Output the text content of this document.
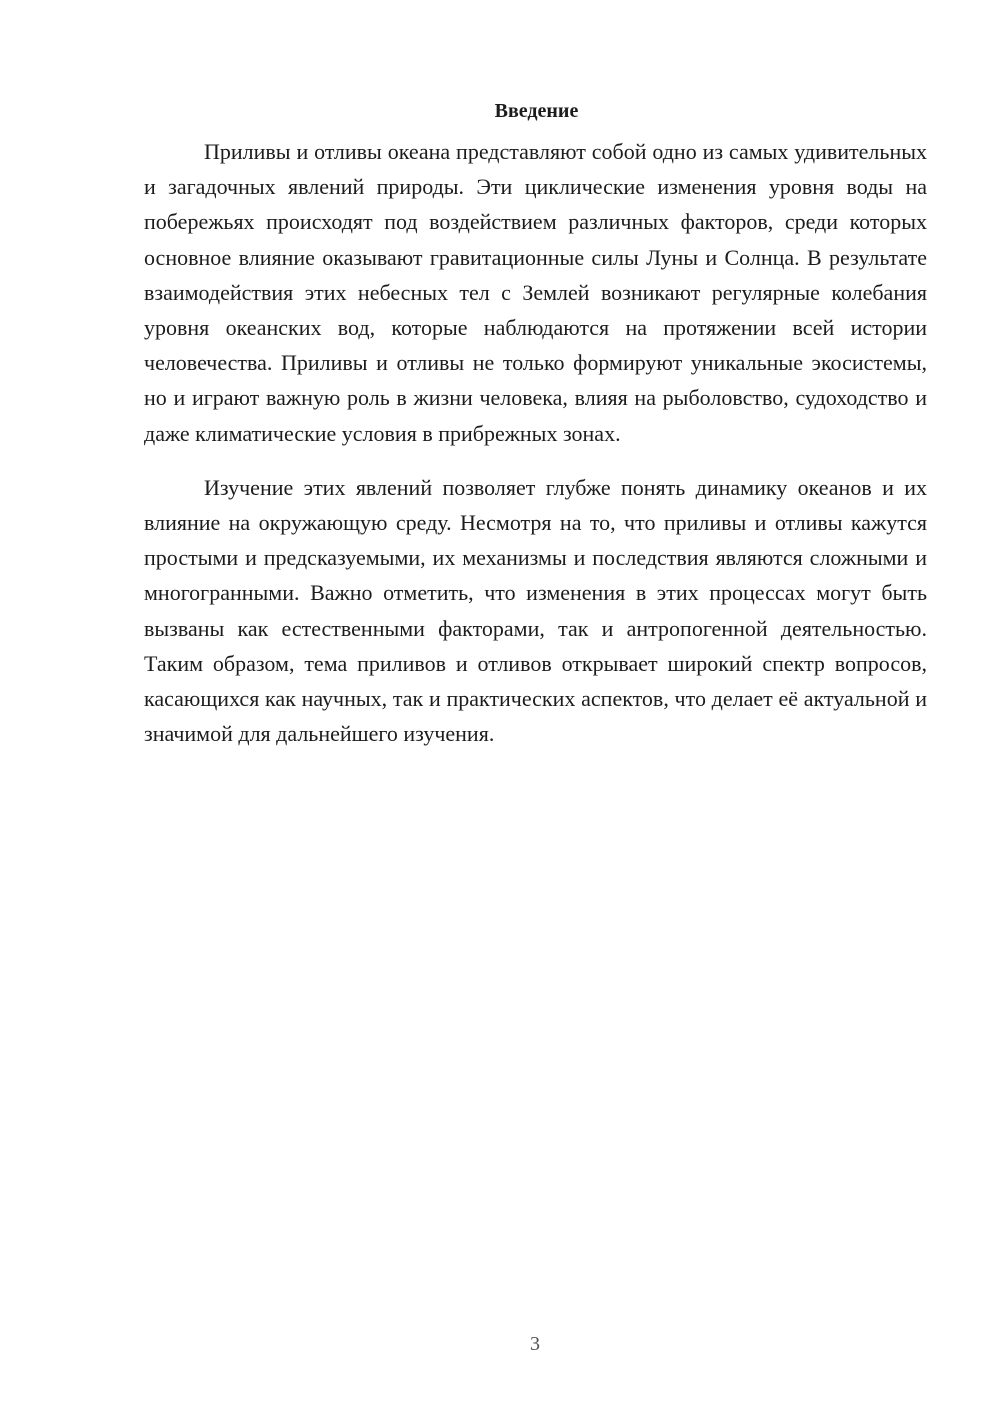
Введение

Приливы и отливы океана представляют собой одно из самых удивительных и загадочных явлений природы. Эти циклические изменения уровня воды на побережьях происходят под воздействием различных факторов, среди которых основное влияние оказывают гравитационные силы Луны и Солнца. В результате взаимодействия этих небесных тел с Землей возникают регулярные колебания уровня океанских вод, которые наблюдаются на протяжении всей истории человечества. Приливы и отливы не только формируют уникальные экосистемы, но и играют важную роль в жизни человека, влияя на рыболовство, судоходство и даже климатические условия в прибрежных зонах.

Изучение этих явлений позволяет глубже понять динамику океанов и их влияние на окружающую среду. Несмотря на то, что приливы и отливы кажутся простыми и предсказуемыми, их механизмы и последствия являются сложными и многогранными. Важно отметить, что изменения в этих процессах могут быть вызваны как естественными факторами, так и антропогенной деятельностью. Таким образом, тема приливов и отливов открывает широкий спектр вопросов, касающихся как научных, так и практических аспектов, что делает её актуальной и значимой для дальнейшего изучения.

3
